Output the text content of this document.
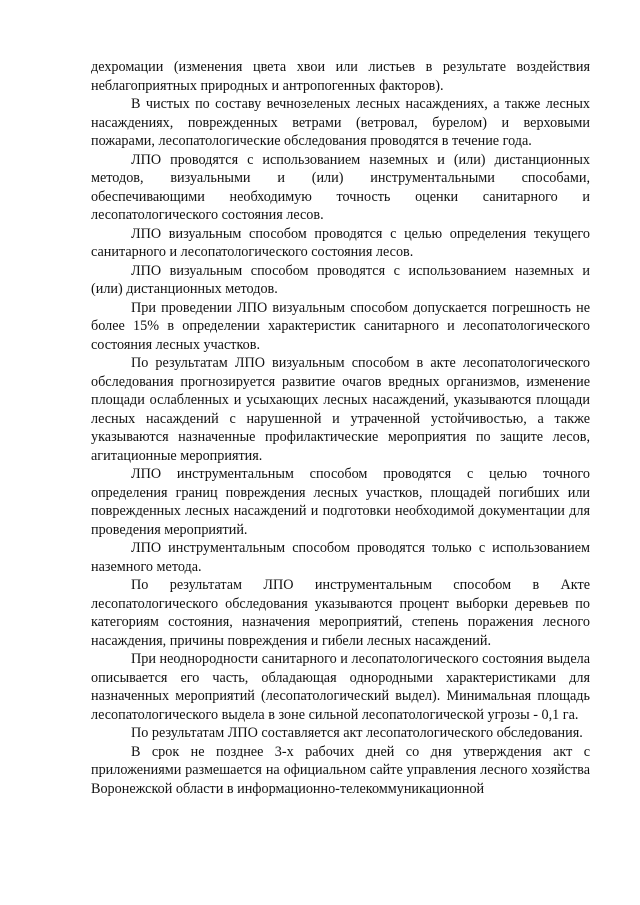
дехромации (изменения цвета хвои или листьев в результате воздействия неблагоприятных природных и антропогенных факторов).

В чистых по составу вечнозеленых лесных насаждениях, а также лесных насаждениях, поврежденных ветрами (ветровал, бурелом) и верховыми пожарами, лесопатологические обследования проводятся в течение года.

ЛПО проводятся с использованием наземных и (или) дистанционных методов, визуальными и (или) инструментальными способами, обеспечивающими необходимую точность оценки санитарного и лесопатологического состояния лесов.

ЛПО визуальным способом проводятся с целью определения текущего санитарного и лесопатологического состояния лесов.

ЛПО визуальным способом проводятся с использованием наземных и (или) дистанционных методов.

При проведении ЛПО визуальным способом допускается погрешность не более 15% в определении характеристик санитарного и лесопатологического состояния лесных участков.

По результатам ЛПО визуальным способом в акте лесопатологического обследования прогнозируется развитие очагов вредных организмов, изменение площади ослабленных и усыхающих лесных насаждений, указываются площади лесных насаждений с нарушенной и утраченной устойчивостью, а также указываются назначенные профилактические мероприятия по защите лесов, агитационные мероприятия.

ЛПО инструментальным способом проводятся с целью точного определения границ повреждения лесных участков, площадей погибших или поврежденных лесных насаждений и подготовки необходимой документации для проведения мероприятий.

ЛПО инструментальным способом проводятся только с использованием наземного метода.

По результатам ЛПО инструментальным способом в Акте лесопатологического обследования указываются процент выборки деревьев по категориям состояния, назначения мероприятий, степень поражения лесного насаждения, причины повреждения и гибели лесных насаждений.

При неоднородности санитарного и лесопатологического состояния выдела описывается его часть, обладающая однородными характеристиками для назначенных мероприятий (лесопатологический выдел). Минимальная площадь лесопатологического выдела в зоне сильной лесопатологической угрозы - 0,1 га.

По результатам ЛПО составляется акт лесопатологического обследования.

В срок не позднее 3-х рабочих дней со дня утверждения акт с приложениями размешается на официальном сайте управления лесного хозяйства Воронежской области в информационно-телекоммуникационной
